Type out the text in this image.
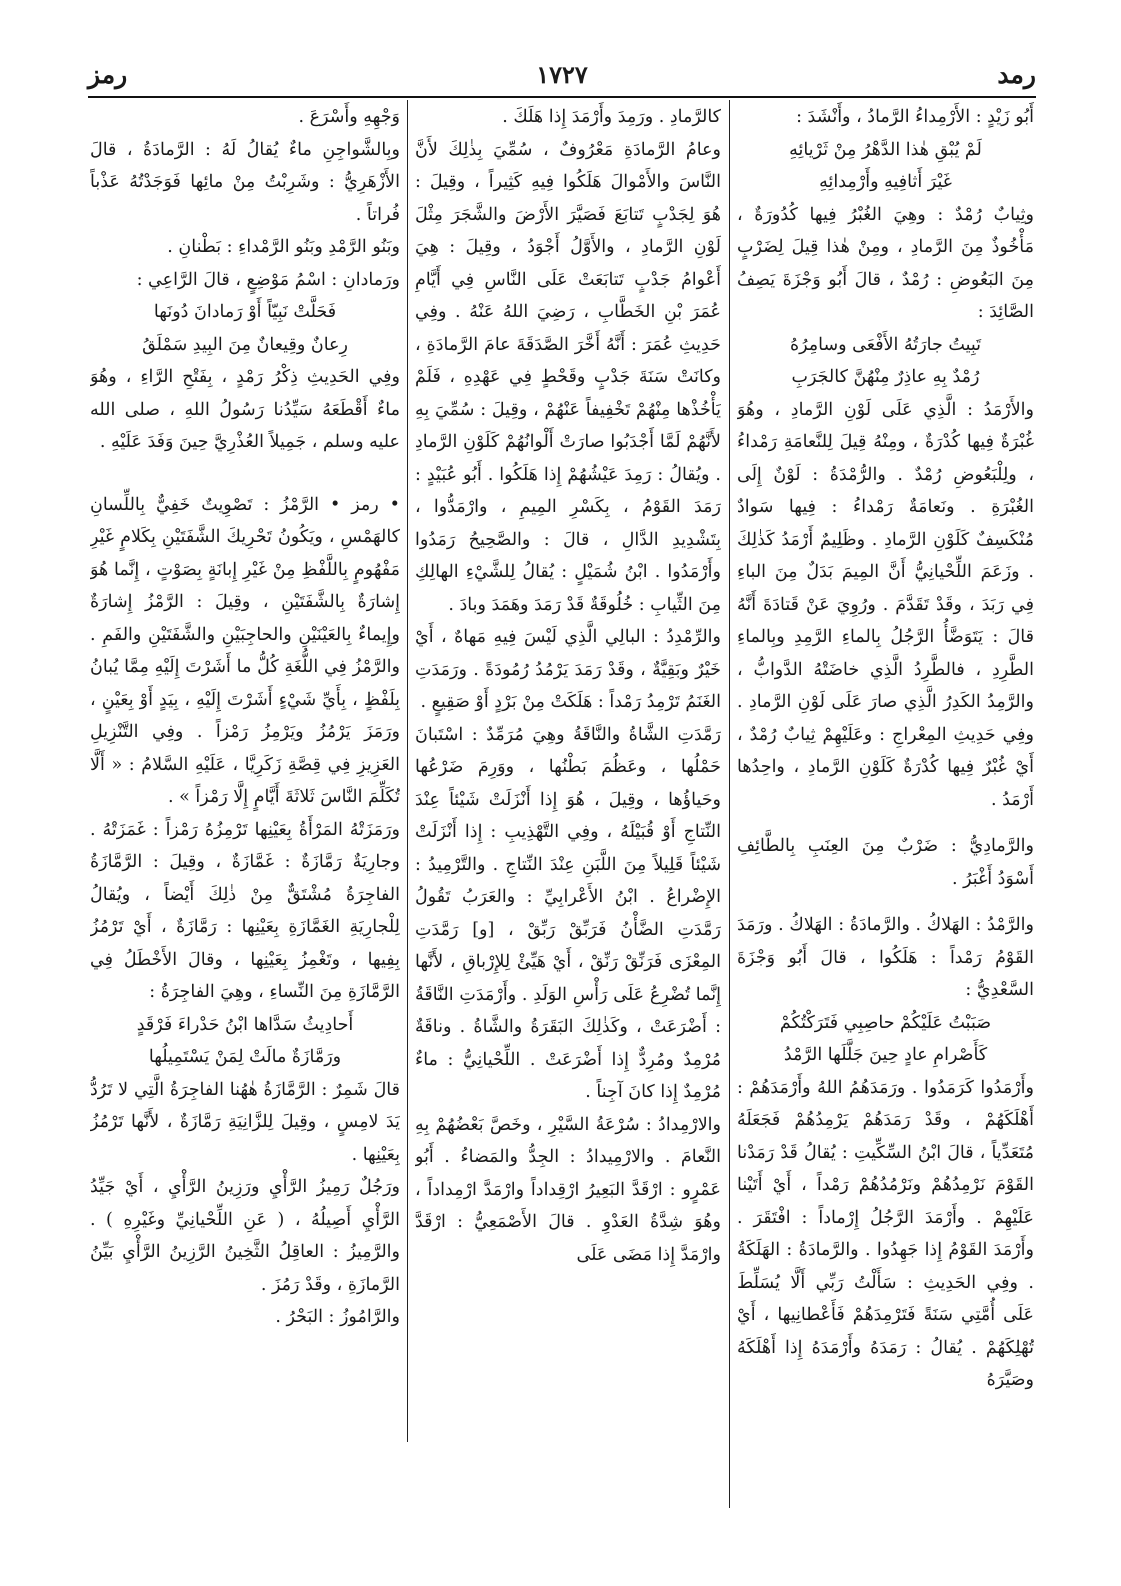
رمد
١٧٢٧
رمز

أَبُو زَيْدٍ : الأَرْمِداءُ الرَّمادُ ، وأَنْشَدَ :

لَمْ يُبْقِ هٰذا الدَّهْرُ مِنْ ثَرْيائِهِ

غَيْرَ أَثافِيهِ وأَرْمِدائِهِ

وثِيابٌ رُمْدٌ : وهِيَ الغُبْرُ فِيها كُدُورَةٌ ، مَأْخُوذٌ مِنَ الرَّمادِ ، ومِنْ هٰذا قِيلَ لِضَرْبٍ مِنَ البَعُوضِ : رُمْدٌ ، قالَ أَبُو وَجْزَةَ يَصِفُ الصَّائِدَ :

تَبِيتُ جارَتُهُ الأَفْعَى وسامِرُهُ

رُمْدٌ بِهِ عاذِرٌ مِنْهُنَّ كالجَرَبِ

والأَرْمَدُ : الَّذِي عَلَى لَوْنِ الرَّمادِ ، وهُوَ غُبْرَةٌ فِيها كُدْرَةٌ ، ومِنْهُ قِيلَ لِلنَّعامَةِ رَمْداءُ ، ولِلْبَعُوضِ رُمْدٌ . والرُّمْدَةُ : لَوْنٌ إِلَى الغُبْرَةِ . ونَعامَةٌ رَمْداءُ : فِيها سَوادٌ مُنْكَسِفٌ كَلَوْنِ الرَّمادِ . وظَلِيمٌ أَرْمَدُ كَذٰلِكَ . وزَعَمَ اللِّحْيانِيُّ أَنَّ المِيمَ بَدَلٌ مِنَ الباءِ فِي رَبَدَ ، وقَدْ تَقَدَّمَ . ورُوِيَ عَنْ قَتادَةَ أَنَّهُ قالَ : يَتَوَضَّأُ الرَّجُلُ بِالماءِ الرَّمِدِ وبِالماءِ الطَّرِدِ ، فالطَّرِدُ الَّذِي خاضَتْهُ الدَّوابُّ ، والرَّمِدُ الكَدِرُ الَّذِي صارَ عَلَى لَوْنِ الرَّمادِ . وفِي حَدِيثِ المِعْراجِ : وعَلَيْهِمْ ثِيابٌ رُمْدٌ ، أَيْ غُبْرٌ فِيها كُدْرَةٌ كَلَوْنِ الرَّمادِ ، واحِدُها أَرْمَدُ .

والرَّمادِيُّ : ضَرْبٌ مِنَ العِنَبِ بِالطَّائِفِ أَسْوَدُ أَغْبَرُ .

والرَّمْدُ : الهَلاكُ . والرَّمادَةُ : الهَلاكُ . ورَمَدَ القَوْمُ رَمْداً : هَلَكُوا ، قالَ أَبُو وَجْزَةَ السَّعْدِيُّ :

صَبَبْتُ عَلَيْكُمْ حاصِبِي فَتَرَكْتُكُمْ

كَأَصْرامِ عادٍ حِينَ جَلَّلَها الرَّمْدُ

وأَرْمَدُوا كَرَمَدُوا . ورَمَدَهُمُ اللهُ وأَرْمَدَهُمْ : أَهْلَكَهُمْ ، وقَدْ رَمَدَهُمْ يَرْمِدُهُمْ فَجَعَلَهُ مُتَعَدِّياً ، قالَ ابْنُ السِّكِّيتِ : يُقالُ قَدْ رَمَدْنا القَوْمَ نَرْمِدُهُمْ ونَرْمُدُهُمْ رَمْداً ، أَيْ أَتَيْنا عَلَيْهِمْ . وأَرْمَدَ الرَّجُلُ إِرْماداً : افْتَقَرَ . وأَرْمَدَ القَوْمُ إِذا جَهِدُوا . والرَّمادَةُ : الهَلَكَةُ . وفِي الحَدِيثِ : سَأَلْتُ رَبِّي أَلَّا يُسَلِّطَ عَلَى أُمَّتِي سَنَةً فَتَرْمِدَهُمْ فَأَعْطانِيها ، أَيْ تُهْلِكَهُمْ . يُقالُ : رَمَدَهُ وأَرْمَدَهُ إِذا أَهْلَكَهُ وصَيَّرَهُ

كالرَّمادِ . ورَمِدَ وأَرْمَدَ إِذا هَلَكَ .

وعامُ الرَّمادَةِ مَعْرُوفٌ ، سُمِّيَ بِذٰلِكَ لأَنَّ النَّاسَ والأَمْوالَ هَلَكُوا فِيهِ كَثِيراً ، وقِيلَ : هُوَ لِجَدْبٍ تَتابَعَ فَصَيَّرَ الأَرْضَ والشَّجَرَ مِثْلَ لَوْنِ الرَّمادِ ، والأَوَّلُ أَجْوَدُ ، وقِيلَ : هِيَ أَعْوامُ جَدْبٍ تَتابَعَتْ عَلَى النَّاسِ فِي أَيَّامِ عُمَرَ بْنِ الخَطَّابِ ، رَضِيَ اللهُ عَنْهُ . وفِي حَدِيثِ عُمَرَ : أَنَّهُ أَخَّرَ الصَّدَقَةَ عامَ الرَّمادَةِ ، وكانَتْ سَنَةَ جَدْبٍ وقَحْطٍ فِي عَهْدِهِ ، فَلَمْ يَأْخُذْها مِنْهُمْ تَخْفِيفاً عَنْهُمْ ، وقِيلَ : سُمِّيَ بِهِ لأَنَّهُمْ لَمَّا أَجْدَبُوا صارَتْ أَلْوانُهُمْ كَلَوْنِ الرَّمادِ . ويُقالُ : رَمِدَ عَيْشُهُمْ إِذا هَلَكُوا . أَبُو عُبَيْدٍ : رَمَدَ القَوْمُ ، بِكَسْرِ المِيمِ ، وارْمَدُّوا ، بِتَشْدِيدِ الدَّالِ ، قالَ : والصَّحِيحُ رَمَدُوا وأَرْمَدُوا . ابْنُ شُمَيْلٍ : يُقالُ لِلشَّيْءِ الهالِكِ مِنَ الثِّيابِ : خُلُوقَةٌ قَدْ رَمَدَ وهَمَدَ وبادَ .

والرِّمْدِدُ : البالِي الَّذِي لَيْسَ فِيهِ مَهاهٌ ، أَيْ خَيْرٌ وبَقِيَّةٌ ، وقَدْ رَمَدَ يَرْمُدُ رُمُودَةً . ورَمَدَتِ الغَنَمُ تَرْمِدُ رَمْداً : هَلَكَتْ مِنْ بَرْدٍ أَوْ صَقِيعٍ .

رَمَّدَتِ الشَّاةُ والنَّاقَةُ وهِيَ مُرَمِّدٌ : اسْتَبانَ حَمْلُها ، وعَظُمَ بَطْنُها ، ووَرِمَ ضَرْعُها وحَياؤُها ، وقِيلَ ، هُوَ إِذا أَنْزَلَتْ شَيْئاً عِنْدَ النِّتاجِ أَوْ قُبَيْلَهُ ، وفِي التَّهْذِيبِ : إِذا أَنْزَلَتْ شَيْئاً قَلِيلاً مِنَ اللَّبَنِ عِنْدَ النِّتاجِ . والتَّرْمِيدُ : الإِضْراعُ . ابْنُ الأَعْرابِيِّ : والعَرَبُ تَقُولُ رَمَّدَتِ الضَّأْنُ فَرَبِّقْ رَبِّقْ ، [و] رَمَّدَتِ المِعْزَى فَرَنِّقْ رَنِّقْ ، أَيْ هَيِّئْ لِلإِرْباقِ ، لأَنَّها إِنَّما تُضْرِعُ عَلَى رَأْسِ الوَلَدِ . وأَرْمَدَتِ النَّاقَةُ : أَضْرَعَتْ ، وكَذٰلِكَ البَقَرَةُ والشَّاةُ . وناقَةٌ مُرْمِدٌ ومُرِدٌّ إِذا أَضْرَعَتْ . اللِّحْيانِيُّ : ماءٌ مُرْمِدٌ إِذا كانَ آجِناً .

والارْمِدادُ : سُرْعَةُ السَّيْرِ ، وخَصَّ بَعْضُهُمْ بِهِ النَّعامَ . والارْمِيدادُ : الجِدُّ والمَضاءُ . أَبُو عَمْرٍو : ارْقَدَّ البَعِيرُ ارْقِداداً وارْمَدَّ ارْمِداداً ، وهُوَ شِدَّةُ العَدْوِ . قالَ الأَصْمَعِيُّ : ارْقَدَّ وارْمَدَّ إِذا مَضَى عَلَى

وَجْهِهِ وأَسْرَعَ .

وبِالشَّواجِنِ ماءٌ يُقالُ لَهُ : الرَّمادَةُ ، قالَ الأَزْهَرِيُّ : وشَرِبْتُ مِنْ مائِها فَوَجَدْتُهُ عَذْباً فُراتاً .

وبَنُو الرَّمْدِ وبَنُو الرَّمْداءِ : بَطْنانِ .

ورَمادانِ : اسْمُ مَوْضِعٍ ، قالَ الرَّاعِي :

فَحَلَّتْ نَبِيّاً أَوْ رَمادانَ دُونَها

رِعانٌ وقِيعانٌ مِنَ البِيدِ سَمْلَقُ

وفِي الحَدِيثِ ذِكْرُ رَمْدٍ ، بِفَتْحِ الرَّاءِ ، وهُوَ ماءٌ أَقْطَعَهُ سَيِّدُنا رَسُولُ اللهِ ، صلى الله عليه وسلم ، جَمِيلاً العُذْرِيَّ حِينَ وَفَدَ عَلَيْهِ .

• رمز • الرَّمْزُ : تَصْوِيتٌ خَفِيٌّ بِاللِّسانِ كالهَمْسِ ، ويَكُونُ تَحْرِيكَ الشَّفَتَيْنِ بِكَلامٍ غَيْرِ مَفْهُومٍ بِاللَّفْظِ مِنْ غَيْرِ إِبانَةٍ بِصَوْتٍ ، إِنَّما هُوَ إِشارَةٌ بِالشَّفَتَيْنِ ، وقِيلَ : الرَّمْزُ إِشارَةٌ وإِيماءٌ بِالعَيْنَيْنِ والحاجِبَيْنِ والشَّفَتَيْنِ والفَمِ . والرَّمْزُ فِي اللُّغَةِ كُلُّ ما أَشَرْتَ إِلَيْهِ مِمَّا يُبانُ بِلَفْظٍ ، بِأَيِّ شَيْءٍ أَشَرْتَ إِلَيْهِ ، بِيَدٍ أَوْ بِعَيْنٍ ، ورَمَزَ يَرْمُزُ ويَرْمِزُ رَمْزاً . وفِي التَّنْزِيلِ العَزِيزِ فِي قِصَّةِ زَكَرِيَّا ، عَلَيْهِ السَّلامُ : « أَلَّا تُكَلِّمَ النَّاسَ ثَلاثَةَ أَيَّامٍ إِلَّا رَمْزاً » .

ورَمَزَتْهُ المَرْأَةُ بِعَيْنِها تَرْمِزُهُ رَمْزاً : غَمَزَتْهُ . وجارِيَةٌ رَمَّازَةٌ : غَمَّازَةٌ ، وقِيلَ : الرَّمَّازَةُ الفاجِرَةُ مُشْتَقٌّ مِنْ ذٰلِكَ أَيْضاً ، ويُقالُ لِلْجارِيَةِ الغَمَّازَةِ بِعَيْنِها : رَمَّازَةٌ ، أَيْ تَرْمُزُ بِفِيها ، وتَغْمِزُ بِعَيْنِها ، وقالَ الأَخْطَلُ فِي الرَّمَّازَةِ مِنَ النِّساءِ ، وهِيَ الفاجِرَةُ :

أَحادِيثُ سَدَّاها ابْنُ حَدْراءَ فَرْقَدٍ

ورَمَّازَةٌ مالَتْ لِمَنْ يَسْتَمِيلُها

قالَ شَمِرٌ : الرَّمَّازَةُ هٰهُنا الفاجِرَةُ الَّتِي لا تَرُدُّ يَدَ لامِسٍ ، وقِيلَ لِلزَّانِيَةِ رَمَّازَةٌ ، لأَنَّها تَرْمُزُ بِعَيْنِها .

ورَجُلٌ رَمِيزُ الرَّأْيِ ورَزِينُ الرَّأْيِ ، أَيْ جَيِّدُ الرَّأْيِ أَصِيلُهُ ، ( عَنِ اللِّحْيانِيِّ وغَيْرِهِ ) . والرَّمِيزُ : العاقِلُ الثَّخِينُ الرَّزِينُ الرَّأْيِ بَيِّنُ الرَّمازَةِ ، وقَدْ رَمُزَ .

والرَّامُوزُ : البَحْرُ .
